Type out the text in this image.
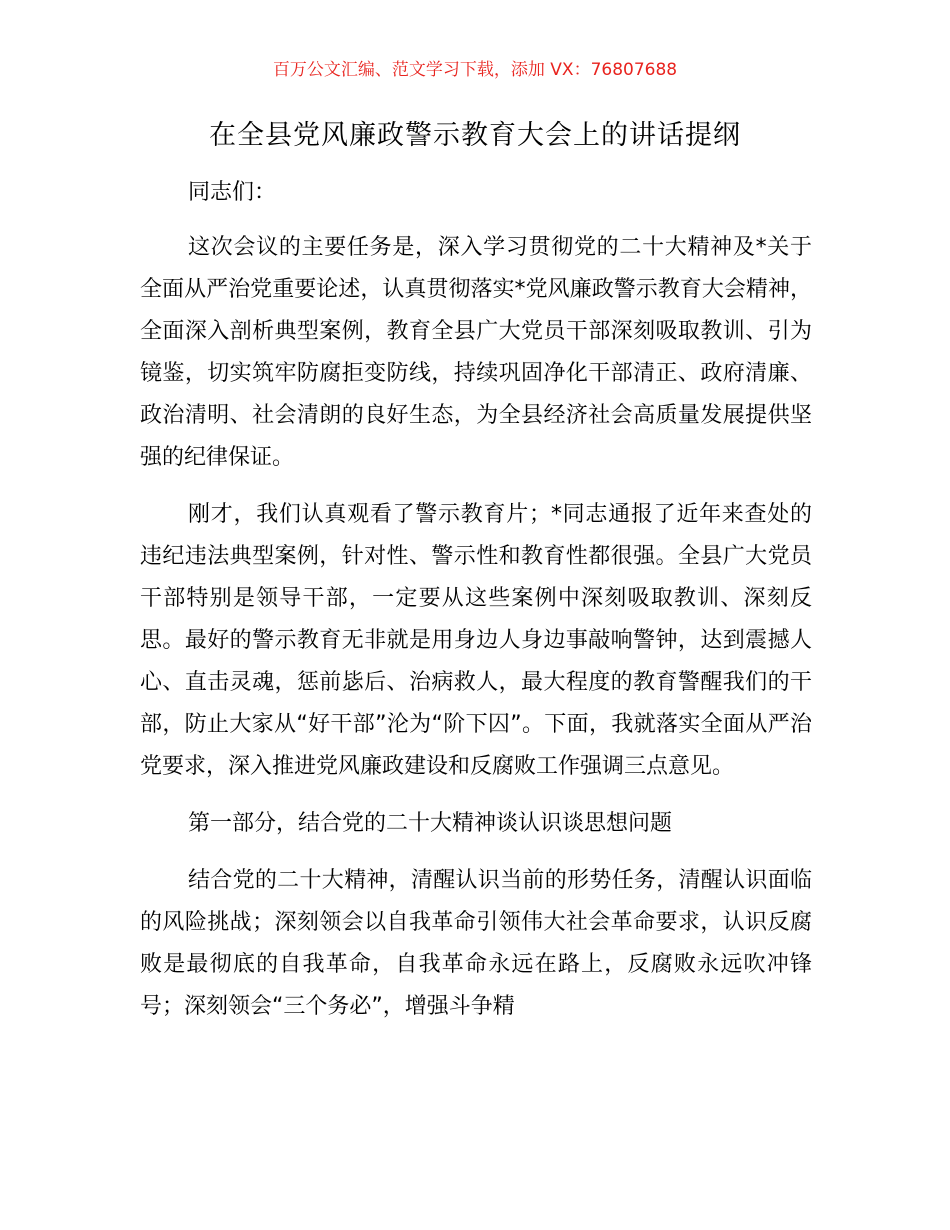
百万公文汇编、范文学习下载，添加 VX：76807688
在全县党风廉政警示教育大会上的讲话提纲

同志们：

这次会议的主要任务是，深入学习贯彻党的二十大精神及*关于全面从严治党重要论述，认真贯彻落实*党风廉政警示教育大会精神，全面深入剖析典型案例，教育全县广大党员干部深刻吸取教训、引为镜鉴，切实筑牢防腐拒变防线，持续巩固净化干部清正、政府清廉、政治清明、社会清朗的良好生态，为全县经济社会高质量发展提供坚强的纪律保证。

刚才，我们认真观看了警示教育片；*同志通报了近年来查处的违纪违法典型案例，针对性、警示性和教育性都很强。全县广大党员干部特别是领导干部，一定要从这些案例中深刻吸取教训、深刻反思。最好的警示教育无非就是用身边人身边事敲响警钟，达到震撼人心、直击灵魂，惩前毖后、治病救人，最大程度的教育警醒我们的干部，防止大家从“好干部”沦为“阶下囚”。下面，我就落实全面从严治党要求，深入推进党风廉政建设和反腐败工作强调三点意见。

第一部分，结合党的二十大精神谈认识谈思想问题

结合党的二十大精神，清醒认识当前的形势任务，清醒认识面临的风险挑战；深刻领会以自我革命引领伟大社会革命要求，认识反腐败是最彻底的自我革命，自我革命永远在路上，反腐败永远吹冲锋号；深刻领会“三个务必”，增强斗争精
